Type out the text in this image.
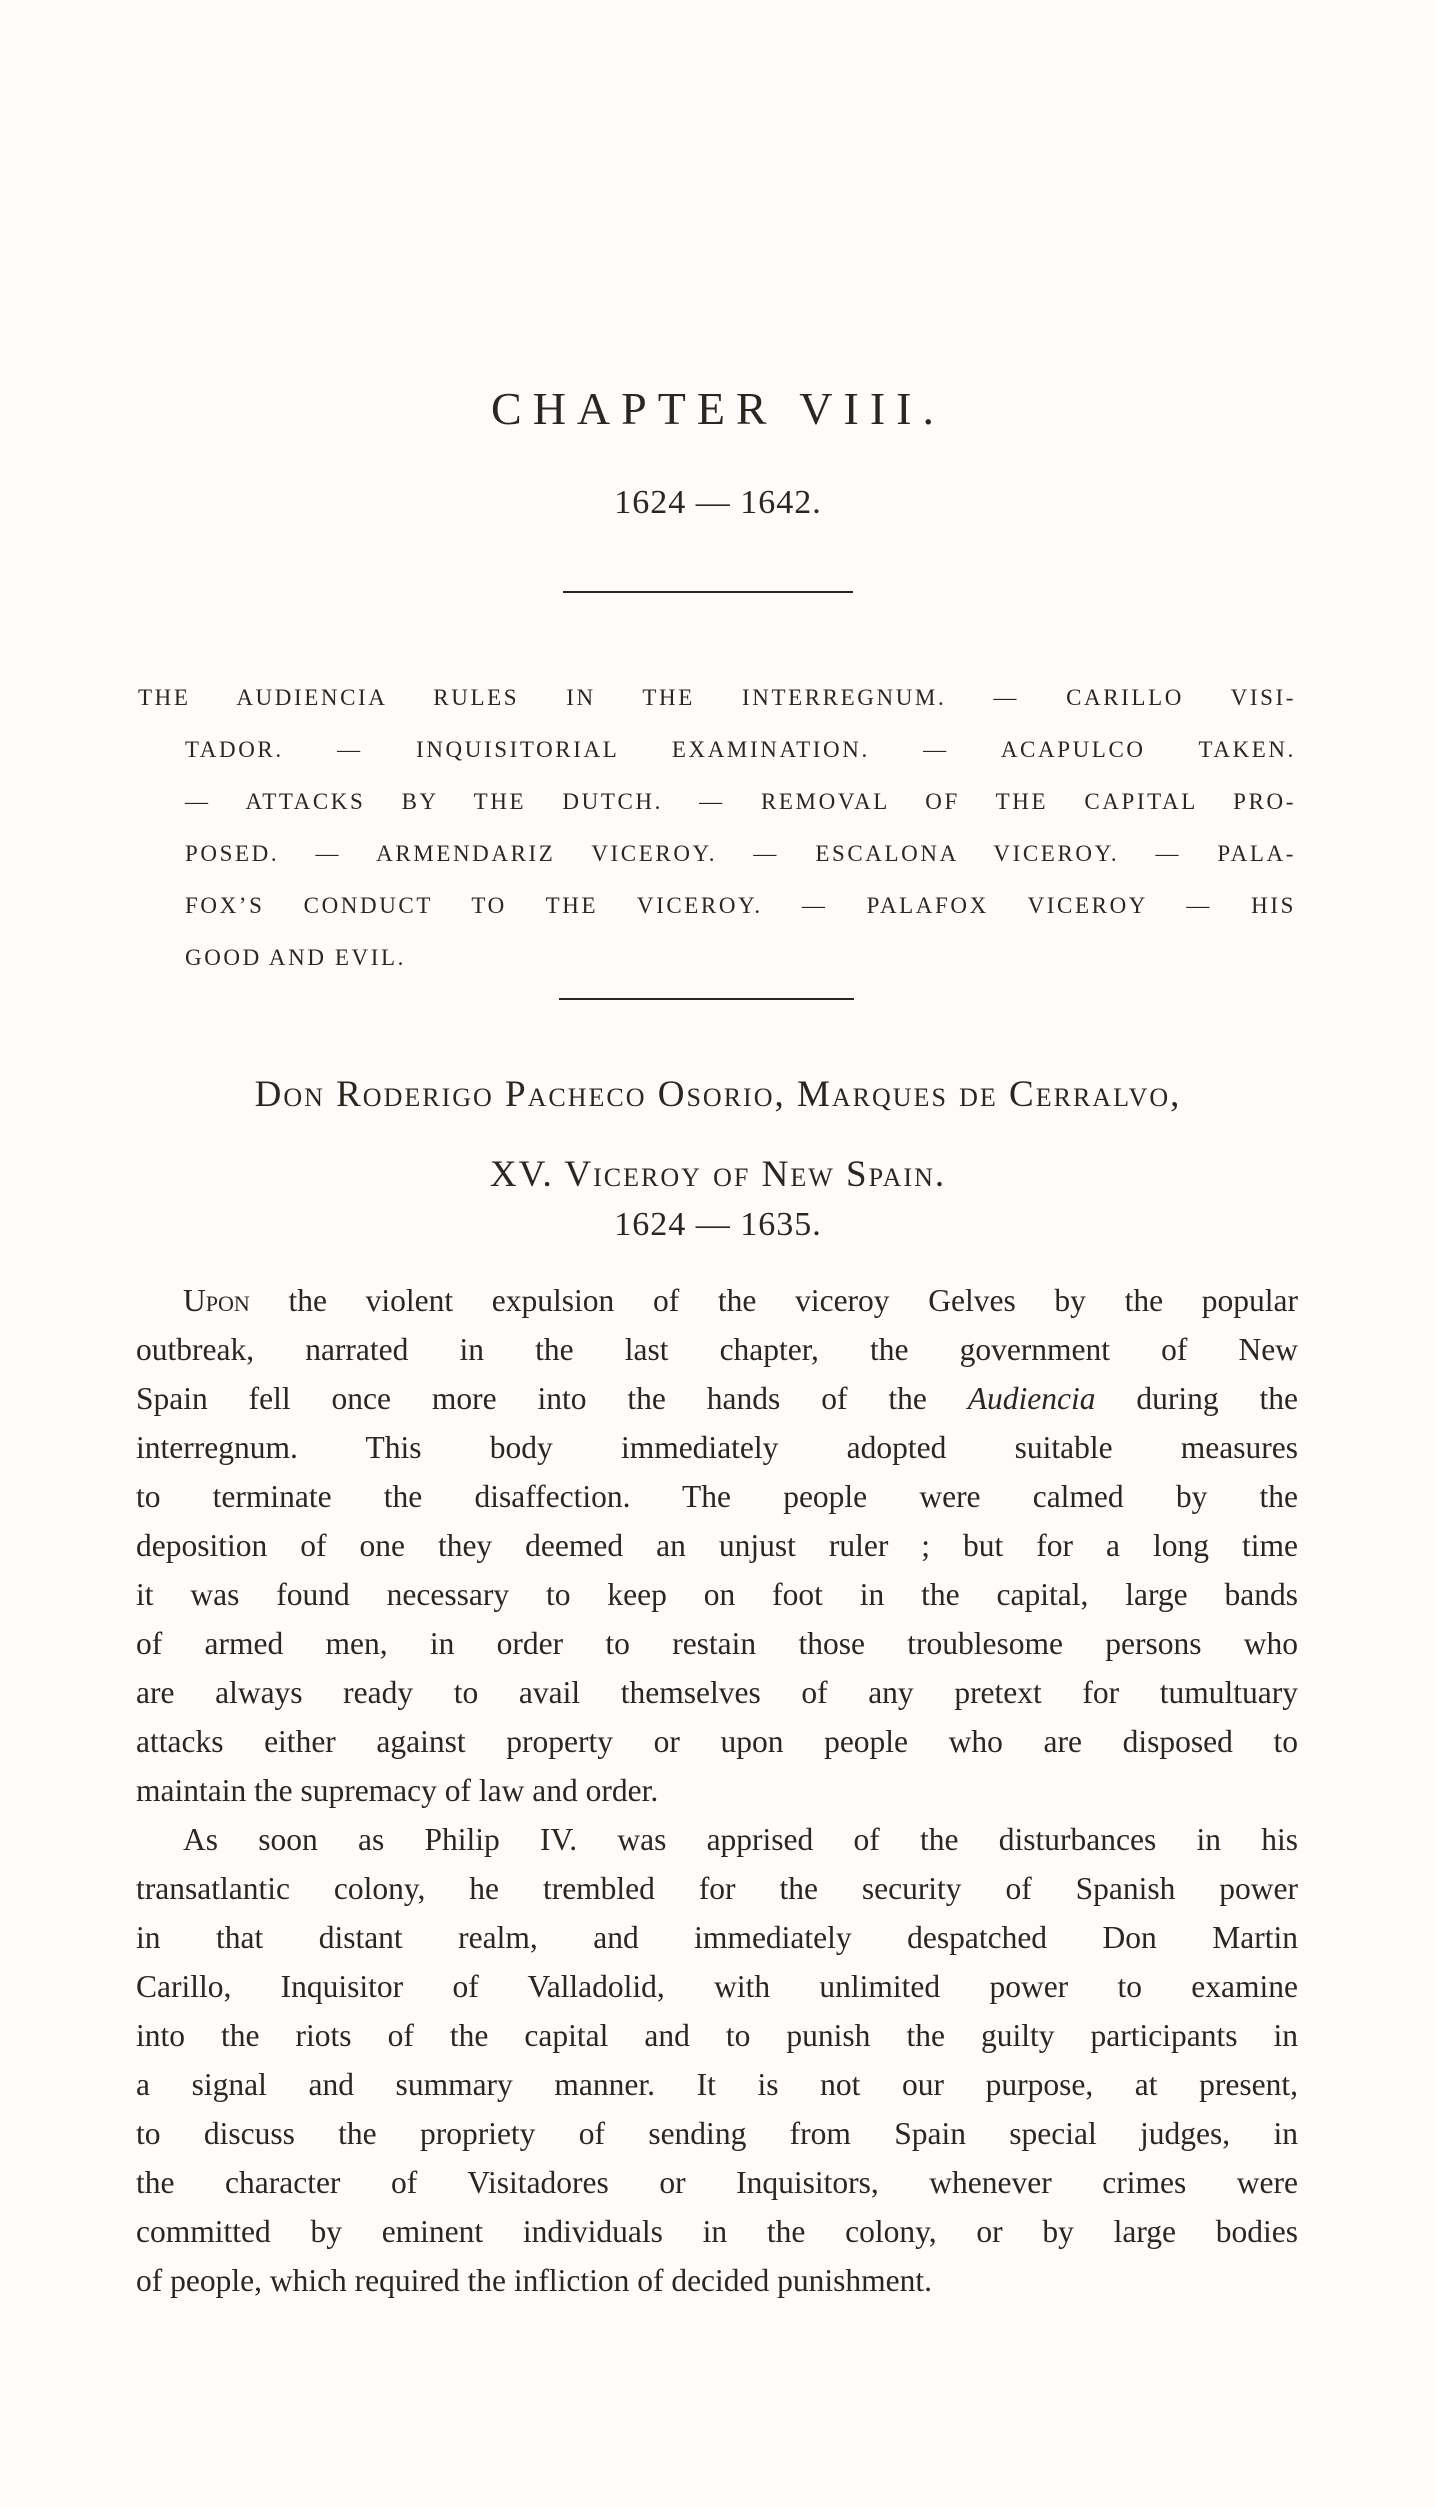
CHAPTER VIII.
1624 — 1642.
THE AUDIENCIA RULES IN THE INTERREGNUM. — CARILLO VISI-
TADOR. — INQUISITORIAL EXAMINATION. — ACAPULCO TAKEN.
— ATTACKS BY THE DUTCH. — REMOVAL OF THE CAPITAL PRO-
POSED. — ARMENDARIZ VICEROY. — ESCALONA VICEROY. — PALA-
FOX’S CONDUCT TO THE VICEROY. — PALAFOX VICEROY — HIS
GOOD AND EVIL.
Don Roderigo Pacheco Osorio, Marques de Cerralvo,
XV. Viceroy of New Spain.
1624 — 1635.
Upon the violent expulsion of the viceroy Gelves by the popular
outbreak, narrated in the last chapter, the government of New
Spain fell once more into the hands of the Audiencia during the
interregnum. This body immediately adopted suitable measures
to terminate the disaffection. The people were calmed by the
deposition of one they deemed an unjust ruler ; but for a long time
it was found necessary to keep on foot in the capital, large bands
of armed men, in order to restain those troublesome persons who
are always ready to avail themselves of any pretext for tumultuary
attacks either against property or upon people who are disposed to
maintain the supremacy of law and order.
As soon as Philip IV. was apprised of the disturbances in his
transatlantic colony, he trembled for the security of Spanish power
in that distant realm, and immediately despatched Don Martin
Carillo, Inquisitor of Valladolid, with unlimited power to examine
into the riots of the capital and to punish the guilty participants in
a signal and summary manner. It is not our purpose, at present,
to discuss the propriety of sending from Spain special judges, in
the character of Visitadores or Inquisitors, whenever crimes were
committed by eminent individuals in the colony, or by large bodies
of people, which required the infliction of decided punishment.
